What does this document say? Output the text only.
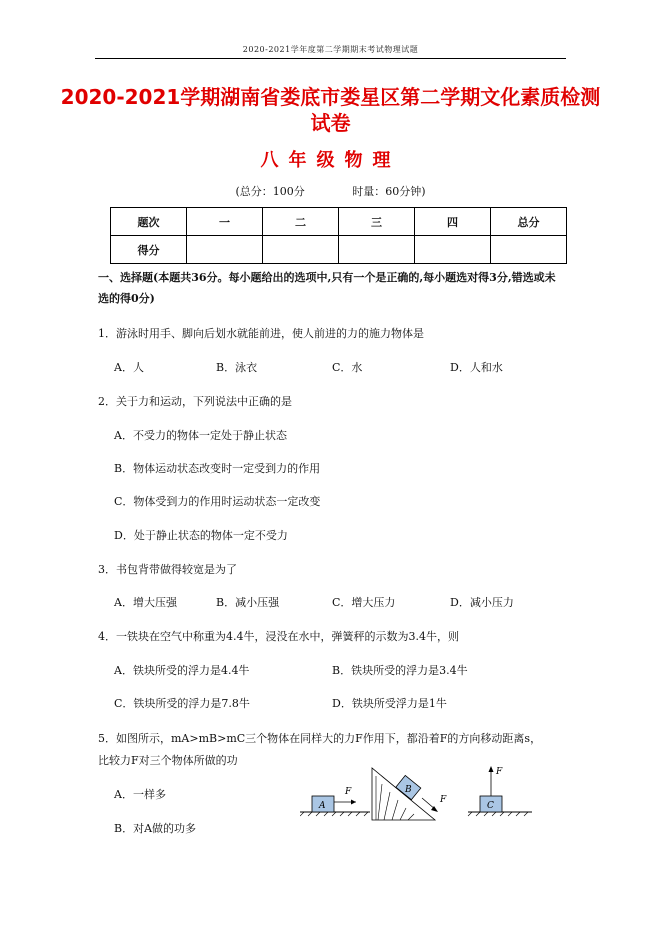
2020-2021学年度第二学期期末考试物理试题
2020-2021学期湖南省娄底市娄星区第二学期文化素质检测试卷
八年级物理
(总分：100分	时量：60分钟)
题次	一	二	三	四	总分
得分					
一、选择题(本题共36分。每小题给出的选项中,只有一个是正确的,每小题选对得3分,错选或未选的得0分)
1．游泳时用手、脚向后划水就能前进，使人前进的力的施力物体是
A．人	B．泳衣	C．水	D．人和水
2．关于力和运动，下列说法中正确的是
A．不受力的物体一定处于静止状态
B．物体运动状态改变时一定受到力的作用
C．物体受到力的作用时运动状态一定改变
D．处于静止状态的物体一定不受力
3．书包背带做得较宽是为了
A．增大压强	B．减小压强	C．增大压力	D．减小压力
4．一铁块在空气中称重为4.4牛，浸没在水中，弹簧秤的示数为3.4牛，则
A．铁块所受的浮力是4.4牛	B．铁块所受的浮力是3.4牛
C．铁块所受的浮力是7.8牛	D．铁块所受浮力是1牛
5．如图所示，mA>mB>mC三个物体在同样大的力F作用下，都沿着F的方向移动距离s，
比较力F对三个物体所做的功
A．一样多
B．对A做的功多
A
F	B
F
C
F
